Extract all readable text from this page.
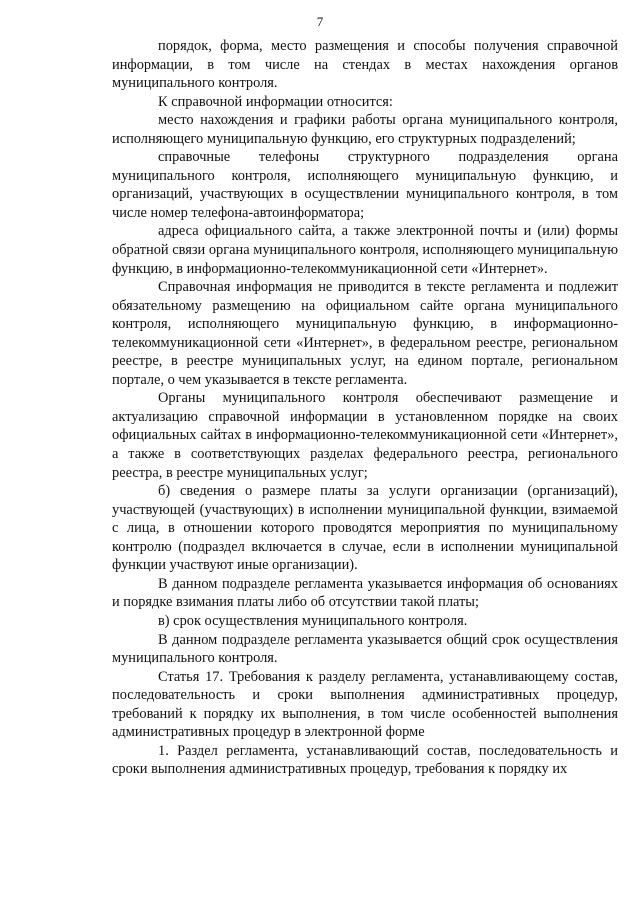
7

порядок, форма, место размещения и способы получения справочной информации, в том числе на стендах в местах нахождения органов муниципального контроля.

К справочной информации относится:

место нахождения и графики работы органа муниципального контроля, исполняющего муниципальную функцию, его структурных подразделений;

справочные телефоны структурного подразделения органа муниципального контроля, исполняющего муниципальную функцию, и организаций, участвующих в осуществлении муниципального контроля, в том числе номер телефона-автоинформатора;

адреса официального сайта, а также электронной почты и (или) формы обратной связи органа муниципального контроля, исполняющего муниципальную функцию, в информационно-телекоммуникационной сети «Интернет».

Справочная информация не приводится в тексте регламента и подлежит обязательному размещению на официальном сайте органа муниципального контроля, исполняющего муниципальную функцию, в информационно-телекоммуникационной сети «Интернет», в федеральном реестре, региональном реестре, в реестре муниципальных услуг, на едином портале, региональном портале, о чем указывается в тексте регламента.

Органы муниципального контроля обеспечивают размещение и актуализацию справочной информации в установленном порядке на своих официальных сайтах в информационно-телекоммуникационной сети «Интернет», а также в соответствующих разделах федерального реестра, регионального реестра, в реестре муниципальных услуг;

б) сведения о размере платы за услуги организации (организаций), участвующей (участвующих) в исполнении муниципальной функции, взимаемой с лица, в отношении которого проводятся мероприятия по муниципальному контролю (подраздел включается в случае, если в исполнении муниципальной функции участвуют иные организации).

В данном подразделе регламента указывается информация об основаниях и порядке взимания платы либо об отсутствии такой платы;

в) срок осуществления муниципального контроля.

В данном подразделе регламента указывается общий срок осуществления муниципального контроля.

Статья 17. Требования к разделу регламента, устанавливающему состав, последовательность и сроки выполнения административных процедур, требований к порядку их выполнения, в том числе особенностей выполнения административных процедур в электронной форме

1. Раздел регламента, устанавливающий состав, последовательность и сроки выполнения административных процедур, требования к порядку их
